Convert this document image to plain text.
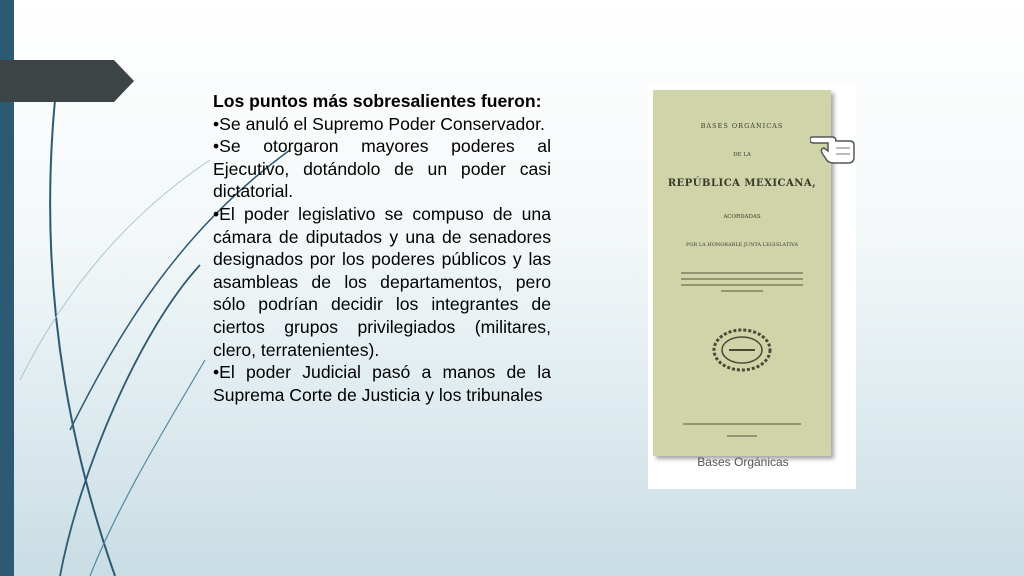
Los puntos más sobresalientes fueron:

•Se anuló el Supremo Poder Conservador.

•Se otorgaron mayores poderes al Ejecutivo, dotándolo de un poder casi dictatorial.

•El poder legislativo se compuso de una cámara de diputados y una de senadores designados por los poderes públicos y las asambleas de los departamentos, pero sólo podrían decidir los integrantes de ciertos grupos privilegiados (militares, clero, terratenientes).

•El poder Judicial pasó a manos de la Suprema Corte de Justicia y los tribunales

BASES ORGÁNICAS
DE LA
REPÚBLICA MEXICANA,
ACORDADAS
POR LA HONORABLE JUNTA LEGISLATIVA
Bases Orgánicas
